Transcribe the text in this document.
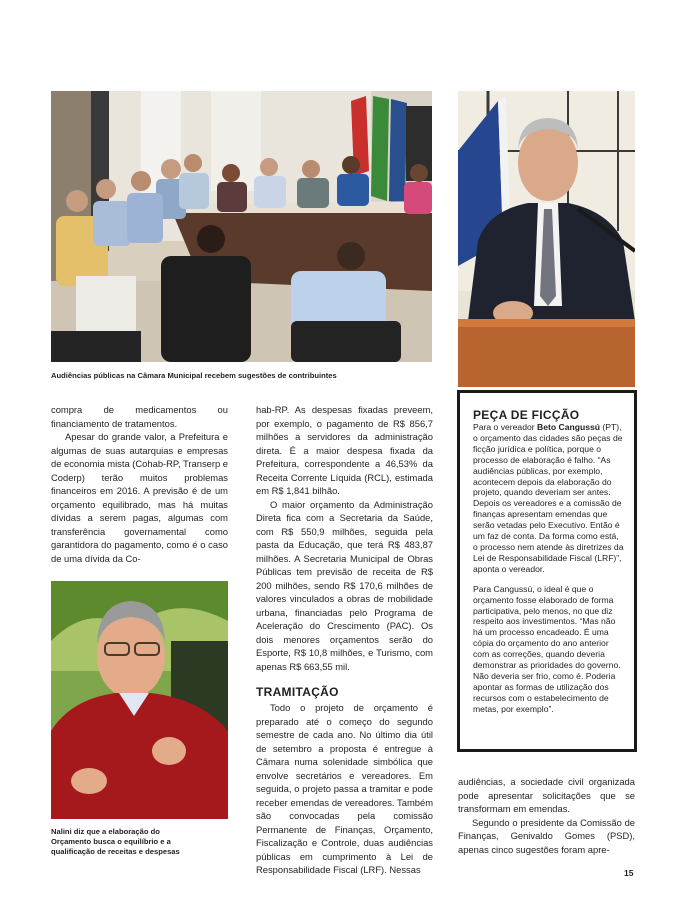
Audiências públicas na Câmara Municipal recebem sugestões de contribuintes
Nalini diz que a elaboração do Orçamento busca o equilíbrio e a qualificação de receitas e despesas

compra de medicamentos ou financiamento de tratamentos.

Apesar do grande valor, a Prefeitura e algumas de suas autarquias e empresas de economia mista (Cohab-RP, Transerp e Coderp) terão muitos problemas financeiros em 2016. A previsão é de um orçamento equilibrado, mas há muitas dívidas a serem pagas, algumas com transferência governamental como garantidora do pagamento, como é o caso de uma dívida da Co-

hab-RP. As despesas fixadas preveem, por exemplo, o pagamento de R$ 856,7 milhões a servidores da administração direta. É a maior despesa fixada da Prefeitura, correspondente a 46,53% da Receita Corrente Líquida (RCL), estimada em R$ 1,841 bilhão.

O maior orçamento da Administração Direta fica com a Secretaria da Saúde, com R$ 550,9 milhões, seguida pela pasta da Educação, que terá R$ 483,87 milhões. A Secretaria Municipal de Obras Públicas tem previsão de receita de R$ 200 milhões, sendo R$ 170,6 milhões de valores vinculados a obras de mobilidade urbana, financiadas pelo Programa de Aceleração do Crescimento (PAC). Os dois menores orçamentos serão do Esporte, R$ 10,8 milhões, e Turismo, com apenas R$ 663,55 mil.

TRAMITAÇÃO

Todo o projeto de orçamento é preparado até o começo do segundo semestre de cada ano. No último dia útil de setembro a proposta é entregue à Câmara numa solenidade simbólica que envolve secretários e vereadores. Em seguida, o projeto passa a tramitar e pode receber emendas de vereadores. Também são convocadas pela comissão Permanente de Finanças, Orçamento, Fiscalização e Controle, duas audiências públicas em cumprimento à Lei de Responsabilidade Fiscal (LRF). Nessas

PEÇA DE FICÇÃO

Para o vereador Beto Cangussú (PT), o orçamento das cidades são peças de ficção jurídica e política, porque o processo de elaboração é falho. “As audiências públicas, por exemplo, acontecem depois da elaboração do projeto, quando deveriam ser antes. Depois os vereadores e a comissão de finanças apresentam emendas que serão vetadas pelo Executivo. Então é um faz de conta. Da forma como está, o processo nem atende às diretrizes da Lei de Responsabilidade Fiscal (LRF)”, aponta o vereador.

Para Cangussú, o ideal é que o orçamento fosse elaborado de forma participativa, pelo menos, no que diz respeito aos investimentos. “Mas não há um processo encadeado. É uma cópia do orçamento do ano anterior com as correções, quando deveria demonstrar as prioridades do governo. Não deveria ser frio, como é. Poderia apontar as formas de utilização dos recursos com o estabelecimento de metas, por exemplo”.

audiências, a sociedade civil organizada pode apresentar solicitações que se transformam em emendas.

Segundo o presidente da Comissão de Finanças, Genivaldo Gomes (PSD), apenas cinco sugestões foram apre-

15
